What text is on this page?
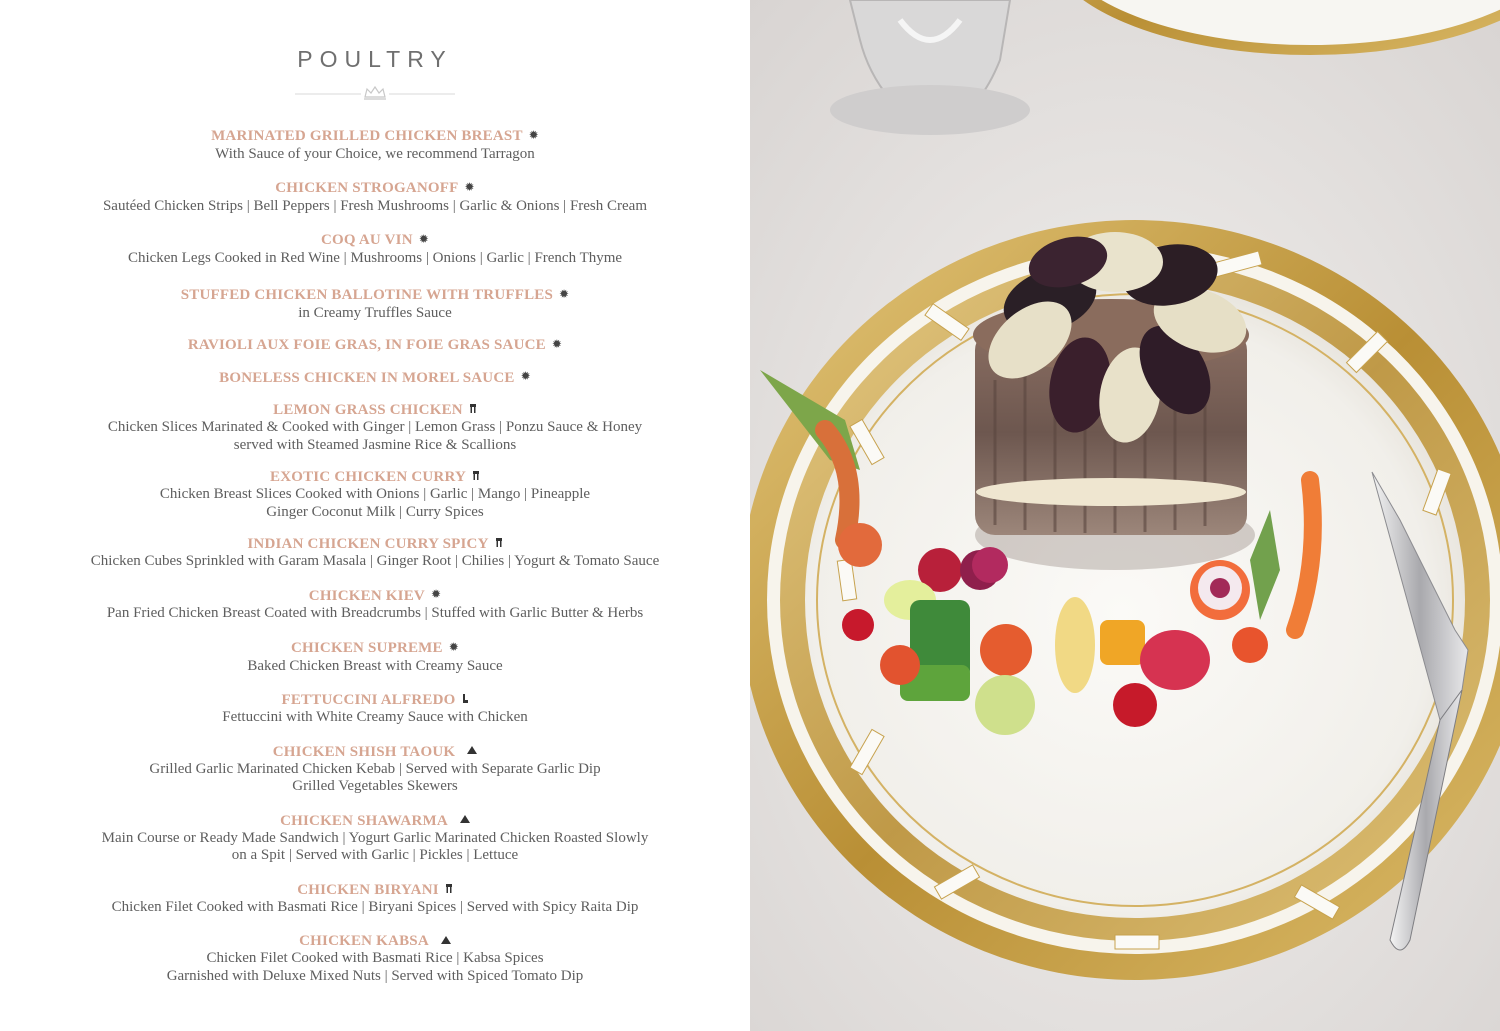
POULTRY
MARINATED GRILLED CHICKEN BREAST ✹
With Sauce of your Choice, we recommend Tarragon
CHICKEN STROGANOFF ✹
Sautéed Chicken Strips | Bell Peppers | Fresh Mushrooms | Garlic & Onions | Fresh Cream
COQ AU VIN ✹
Chicken Legs Cooked in Red Wine | Mushrooms | Onions | Garlic | French Thyme
STUFFED CHICKEN BALLOTINE WITH TRUFFLES ✹
in Creamy Truffles Sauce
RAVIOLI AUX FOIE GRAS, IN FOIE GRAS SAUCE ✹
BONELESS CHICKEN IN MOREL SAUCE ✹
LEMON GRASS CHICKEN
Chicken Slices Marinated & Cooked with Ginger | Lemon Grass | Ponzu Sauce & Honey
served with Steamed Jasmine Rice & Scallions
EXOTIC CHICKEN CURRY
Chicken Breast Slices Cooked with Onions | Garlic | Mango | Pineapple
Ginger Coconut Milk | Curry Spices
INDIAN CHICKEN CURRY SPICY
Chicken Cubes Sprinkled with Garam Masala | Ginger Root | Chilies | Yogurt & Tomato Sauce
CHICKEN KIEV ✹
Pan Fried Chicken Breast Coated with Breadcrumbs | Stuffed with Garlic Butter & Herbs
CHICKEN SUPREME ✹
Baked Chicken Breast with Creamy Sauce
FETTUCCINI ALFREDO
Fettuccini with White Creamy Sauce with Chicken
CHICKEN SHISH TAOUK
Grilled Garlic Marinated Chicken Kebab | Served with Separate Garlic Dip
Grilled Vegetables Skewers
CHICKEN SHAWARMA
Main Course or Ready Made Sandwich | Yogurt Garlic Marinated Chicken Roasted Slowly
on a Spit | Served with Garlic | Pickles | Lettuce
CHICKEN BIRYANI
Chicken Filet Cooked with Basmati Rice | Biryani Spices | Served with Spicy Raita Dip
CHICKEN KABSA
Chicken Filet Cooked with Basmati Rice | Kabsa Spices
Garnished with Deluxe Mixed Nuts | Served with Spiced Tomato Dip
